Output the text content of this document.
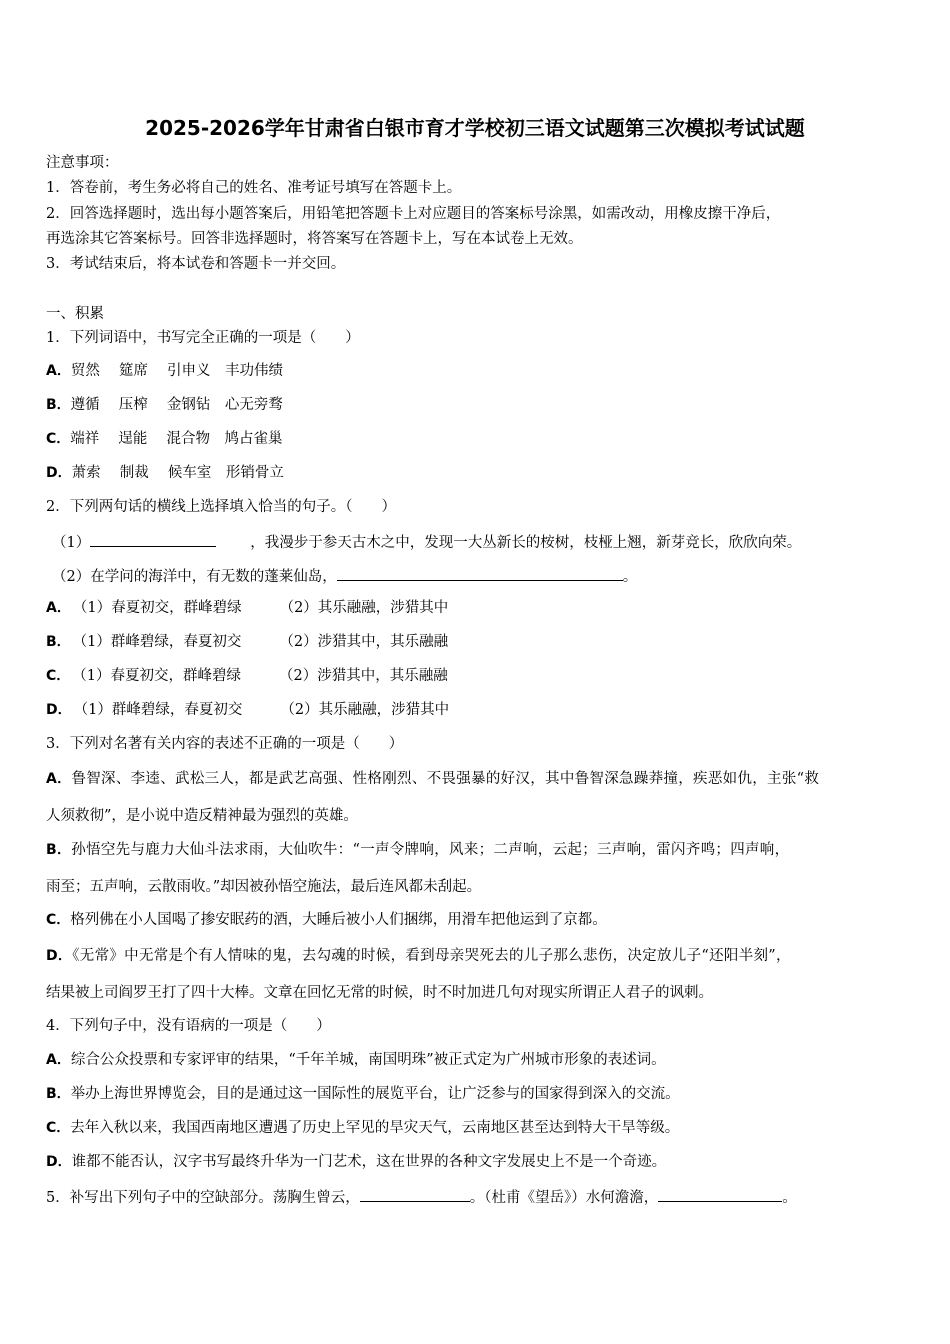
2025-2026学年甘肃省白银市育才学校初三语文试题第三次模拟考试试题
注意事项：
1．答卷前，考生务必将自己的姓名、准考证号填写在答题卡上。
2．回答选择题时，选出每小题答案后，用铅笔把答题卡上对应题目的答案标号涂黑，如需改动，用橡皮擦干净后，
再选涂其它答案标号。回答非选择题时，将答案写在答题卡上，写在本试卷上无效。
3．考试结束后，将本试卷和答题卡一并交回。
一、积累
1．下列词语中，书写完全正确的一项是（　　）
A．贸然　 筵席　 引申义　丰功伟绩
B．遵循　 压榨　 金钢钻　心无旁骛
C．端祥　 逞能　 混合物　鸠占雀巢
D．萧索　 制裁　 候车室　形销骨立
2．下列两句话的横线上选择填入恰当的句子。（　　）
（1）	，我漫步于参天古木之中，发现一大丛新长的桉树，枝桠上翘，新芽竞长，欣欣向荣。
（2）在学问的海洋中，有无数的蓬莱仙岛，	。
A． （1）春夏初交，群峰碧绿	（2）其乐融融，涉猎其中
B． （1）群峰碧绿，春夏初交	（2）涉猎其中，其乐融融
C． （1）春夏初交，群峰碧绿	（2）涉猎其中，其乐融融
D． （1）群峰碧绿，春夏初交	（2）其乐融融，涉猎其中
3．下列对名著有关内容的表述不正确的一项是（　　）
A．鲁智深、李逵、武松三人，都是武艺高强、性格刚烈、不畏强暴的好汉，其中鲁智深急躁莽撞，疾恶如仇，主张“救
人须救彻”，是小说中造反精神最为强烈的英雄。
B．孙悟空先与鹿力大仙斗法求雨，大仙吹牛：“一声令牌响，风来；二声响，云起；三声响，雷闪齐鸣；四声响，
雨至；五声响，云散雨收。”却因被孙悟空施法，最后连风都未刮起。
C．格列佛在小人国喝了掺安眠药的酒，大睡后被小人们捆绑，用滑车把他运到了京都。
D．《无常》中无常是个有人情味的鬼，去勾魂的时候，看到母亲哭死去的儿子那么悲伤，决定放儿子“还阳半刻”，
结果被上司阎罗王打了四十大棒。文章在回忆无常的时候，时不时加进几句对现实所谓正人君子的讽刺。
4．下列句子中，没有语病的一项是（　　）
A．综合公众投票和专家评审的结果，“千年羊城，南国明珠”被正式定为广州城市形象的表述词。
B．举办上海世界博览会，目的是通过这一国际性的展览平台，让广泛参与的国家得到深入的交流。
C．去年入秋以来，我国西南地区遭遇了历史上罕见的旱灾天气，云南地区甚至达到特大干旱等级。
D．谁都不能否认，汉字书写最终升华为一门艺术，这在世界的各种文字发展史上不是一个奇迹。
5．补写出下列句子中的空缺部分。荡胸生曾云，	。（杜甫《望岳》）水何澹澹，	。
